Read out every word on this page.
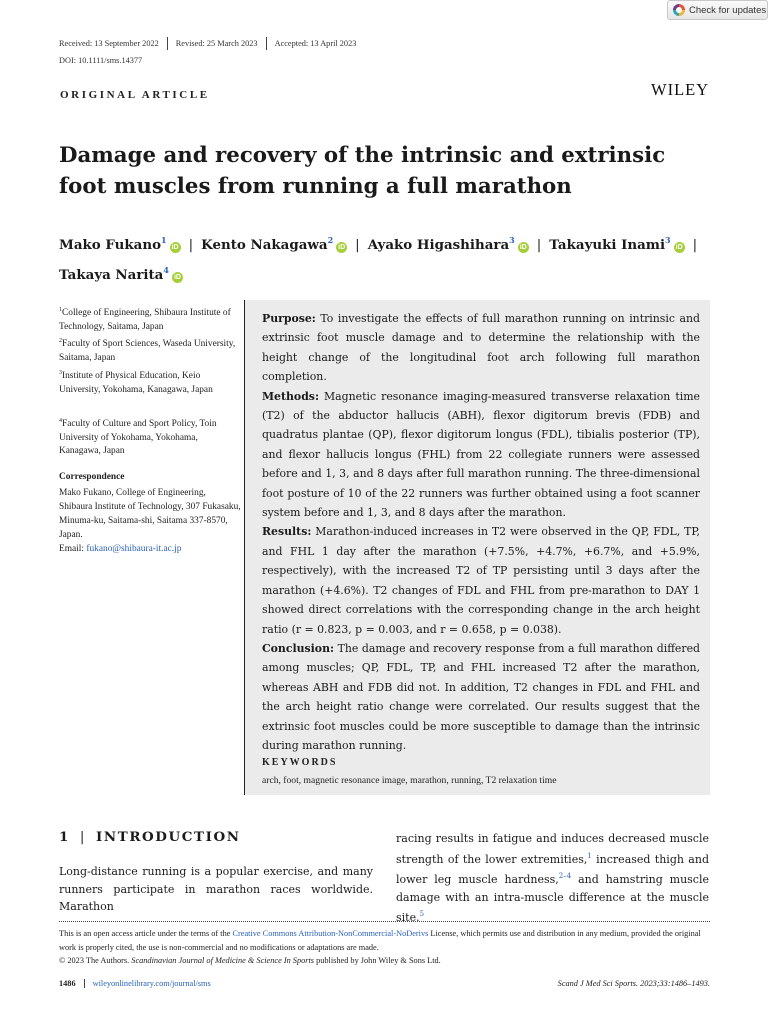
Check for updates
Received: 13 September 2022	Revised: 25 March 2023	Accepted: 13 April 2023
DOI: 10.1111/sms.14377
ORIGINAL ARTICLE	WILEY
Damage and recovery of the intrinsic and extrinsic foot muscles from running a full marathon
Mako Fukano$^1$iD | Kento Nakagawa$^2$iD | Ayako Higashihara$^3$iD | Takayuki Inami$^3$iD |
Takaya Narita$^4$iD
$^1$College of Engineering, Shibaura Institute of Technology, Saitama, Japan
$^2$Faculty of Sport Sciences, Waseda University, Saitama, Japan
$^3$Institute of Physical Education, Keio University, Yokohama, Kanagawa, Japan
$^4$Faculty of Culture and Sport Policy, Toin University of Yokohama, Yokohama, Kanagawa, Japan
Correspondence
Mako Fukano, College of Engineering, Shibaura Institute of Technology, 307 Fukasaku, Minuma-ku, Saitama-shi, Saitama 337-8570, Japan.
Email: fukano@shibaura-it.ac.jp

Purpose: To investigate the effects of full marathon running on intrinsic and extrinsic foot muscle damage and to determine the relationship with the height change of the longitudinal foot arch following full marathon completion.

Methods: Magnetic resonance imaging-measured transverse relaxation time (T2) of the abductor hallucis (ABH), flexor digitorum brevis (FDB) and quadratus plantae (QP), flexor digitorum longus (FDL), tibialis posterior (TP), and flexor hallucis longus (FHL) from 22 collegiate runners were assessed before and 1, 3, and 8 days after full marathon running. The three-dimensional foot posture of 10 of the 22 runners was further obtained using a foot scanner system before and 1, 3, and 8 days after the marathon.

Results: Marathon-induced increases in T2 were observed in the QP, FDL, TP, and FHL 1 day after the marathon (+7.5%, +4.7%, +6.7%, and +5.9%, respectively), with the increased T2 of TP persisting until 3 days after the marathon (+4.6%). T2 changes of FDL and FHL from pre-marathon to DAY 1 showed direct correlations with the corresponding change in the arch height ratio (r = 0.823, p = 0.003, and r = 0.658, p = 0.038).

Conclusion: The damage and recovery response from a full marathon differed among muscles; QP, FDL, TP, and FHL increased T2 after the marathon, whereas ABH and FDB did not. In addition, T2 changes in FDL and FHL and the arch height ratio change were correlated. Our results suggest that the extrinsic foot muscles could be more susceptible to damage than the intrinsic during marathon running.

KEYWORDS
arch, foot, magnetic resonance image, marathon, running, T2 relaxation time
1 | INTRODUCTION
Long-distance running is a popular exercise, and many runners participate in marathon races worldwide. Marathon
racing results in fatigue and induces decreased muscle strength of the lower extremities,$^1$ increased thigh and lower leg muscle hardness,$^{2-4}$ and hamstring muscle damage with an intra-muscle difference at the muscle site.$^5$
This is an open access article under the terms of the Creative Commons Attribution-NonCommercial-NoDerivs License, which permits use and distribution in any medium, provided the original work is properly cited, the use is non-commercial and no modifications or adaptations are made.
© 2023 The Authors. Scandinavian Journal of Medicine & Science In Sports published by John Wiley & Sons Ltd.
1486	wileyonlinelibrary.com/journal/sms	Scand J Med Sci Sports. 2023;33:1486–1493.
